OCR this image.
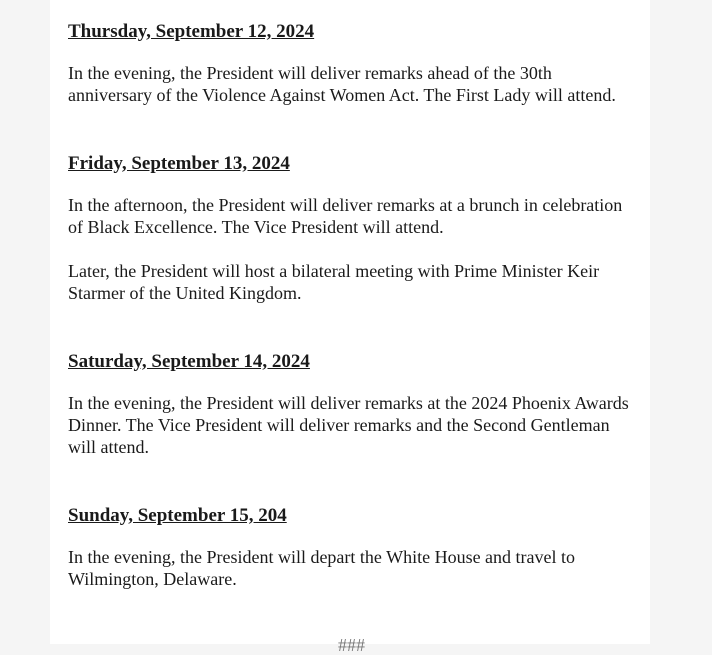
Thursday, September 12, 2024
In the evening, the President will deliver remarks ahead of the 30th anniversary of the Violence Against Women Act. The First Lady will attend.
Friday, September 13, 2024
In the afternoon, the President will deliver remarks at a brunch in celebration of Black Excellence. The Vice President will attend.
Later, the President will host a bilateral meeting with Prime Minister Keir Starmer of the United Kingdom.
Saturday, September 14, 2024
In the evening, the President will deliver remarks at the 2024 Phoenix Awards Dinner. The Vice President will deliver remarks and the Second Gentleman will attend.
Sunday, September 15, 204
In the evening, the President will depart the White House and travel to Wilmington, Delaware.
###
